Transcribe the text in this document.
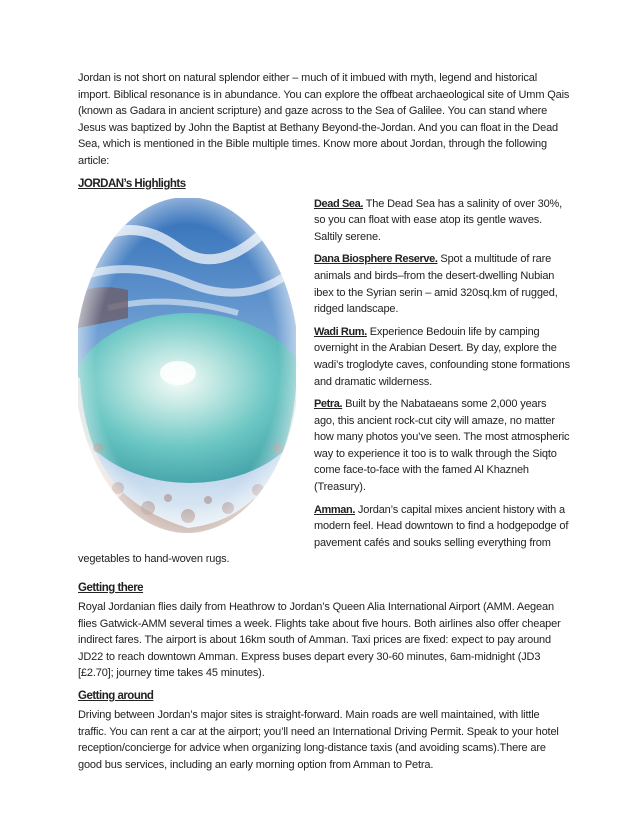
Jordan is not short on natural splendor either – much of it imbued with myth, legend and historical import. Biblical resonance is in abundance. You can explore the offbeat archaeological site of Umm Qais (known as Gadara in ancient scripture) and gaze across to the Sea of Galilee. You can stand where Jesus was baptized by John the Baptist at Bethany Beyond-the-Jordan. And you can float in the Dead Sea, which is mentioned in the Bible multiple times. Know more about Jordan, through the following article:

JORDAN’s Highlights

Dead Sea. The Dead Sea has a salinity of over 30%, so you can float with ease atop its gentle waves. Saltily serene.

Dana Biosphere Reserve. Spot a multitude of rare animals and birds–from the desert-dwelling Nubian ibex to the Syrian serin – amid 320sq.km of rugged, ridged landscape.

Wadi Rum. Experience Bedouin life by camping overnight in the Arabian Desert. By day, explore the wadi’s troglodyte caves, confounding stone formations and dramatic wilderness.

Petra. Built by the Nabataeans some 2,000 years ago, this ancient rock-cut city will amaze, no matter how many photos you’ve seen. The most atmospheric way to experience it too is to walk through the Siqto come face-to-face with the famed Al Khazneh (Treasury).

Amman. Jordan’s capital mixes ancient history with a modern feel. Head downtown to find a hodgepodge of pavement cafés and souks selling everything from vegetables to hand-woven rugs.

Getting there

Royal Jordanian flies daily from Heathrow to Jordan’s Queen Alia International Airport (AMM. Aegean flies Gatwick-AMM several times a week. Flights take about five hours. Both airlines also offer cheaper indirect fares. The airport is about 16km south of Amman. Taxi prices are fixed: expect to pay around JD22 to reach downtown Amman. Express buses depart every 30-60 minutes, 6am-midnight (JD3 [£2.70]; journey time takes 45 minutes).

Getting around

Driving between Jordan’s major sites is straight-forward. Main roads are well maintained, with little traffic. You can rent a car at the airport; you’ll need an International Driving Permit. Speak to your hotel reception/concierge for advice when organizing long-distance taxis (and avoiding scams).There are good bus services, including an early morning option from Amman to Petra.
